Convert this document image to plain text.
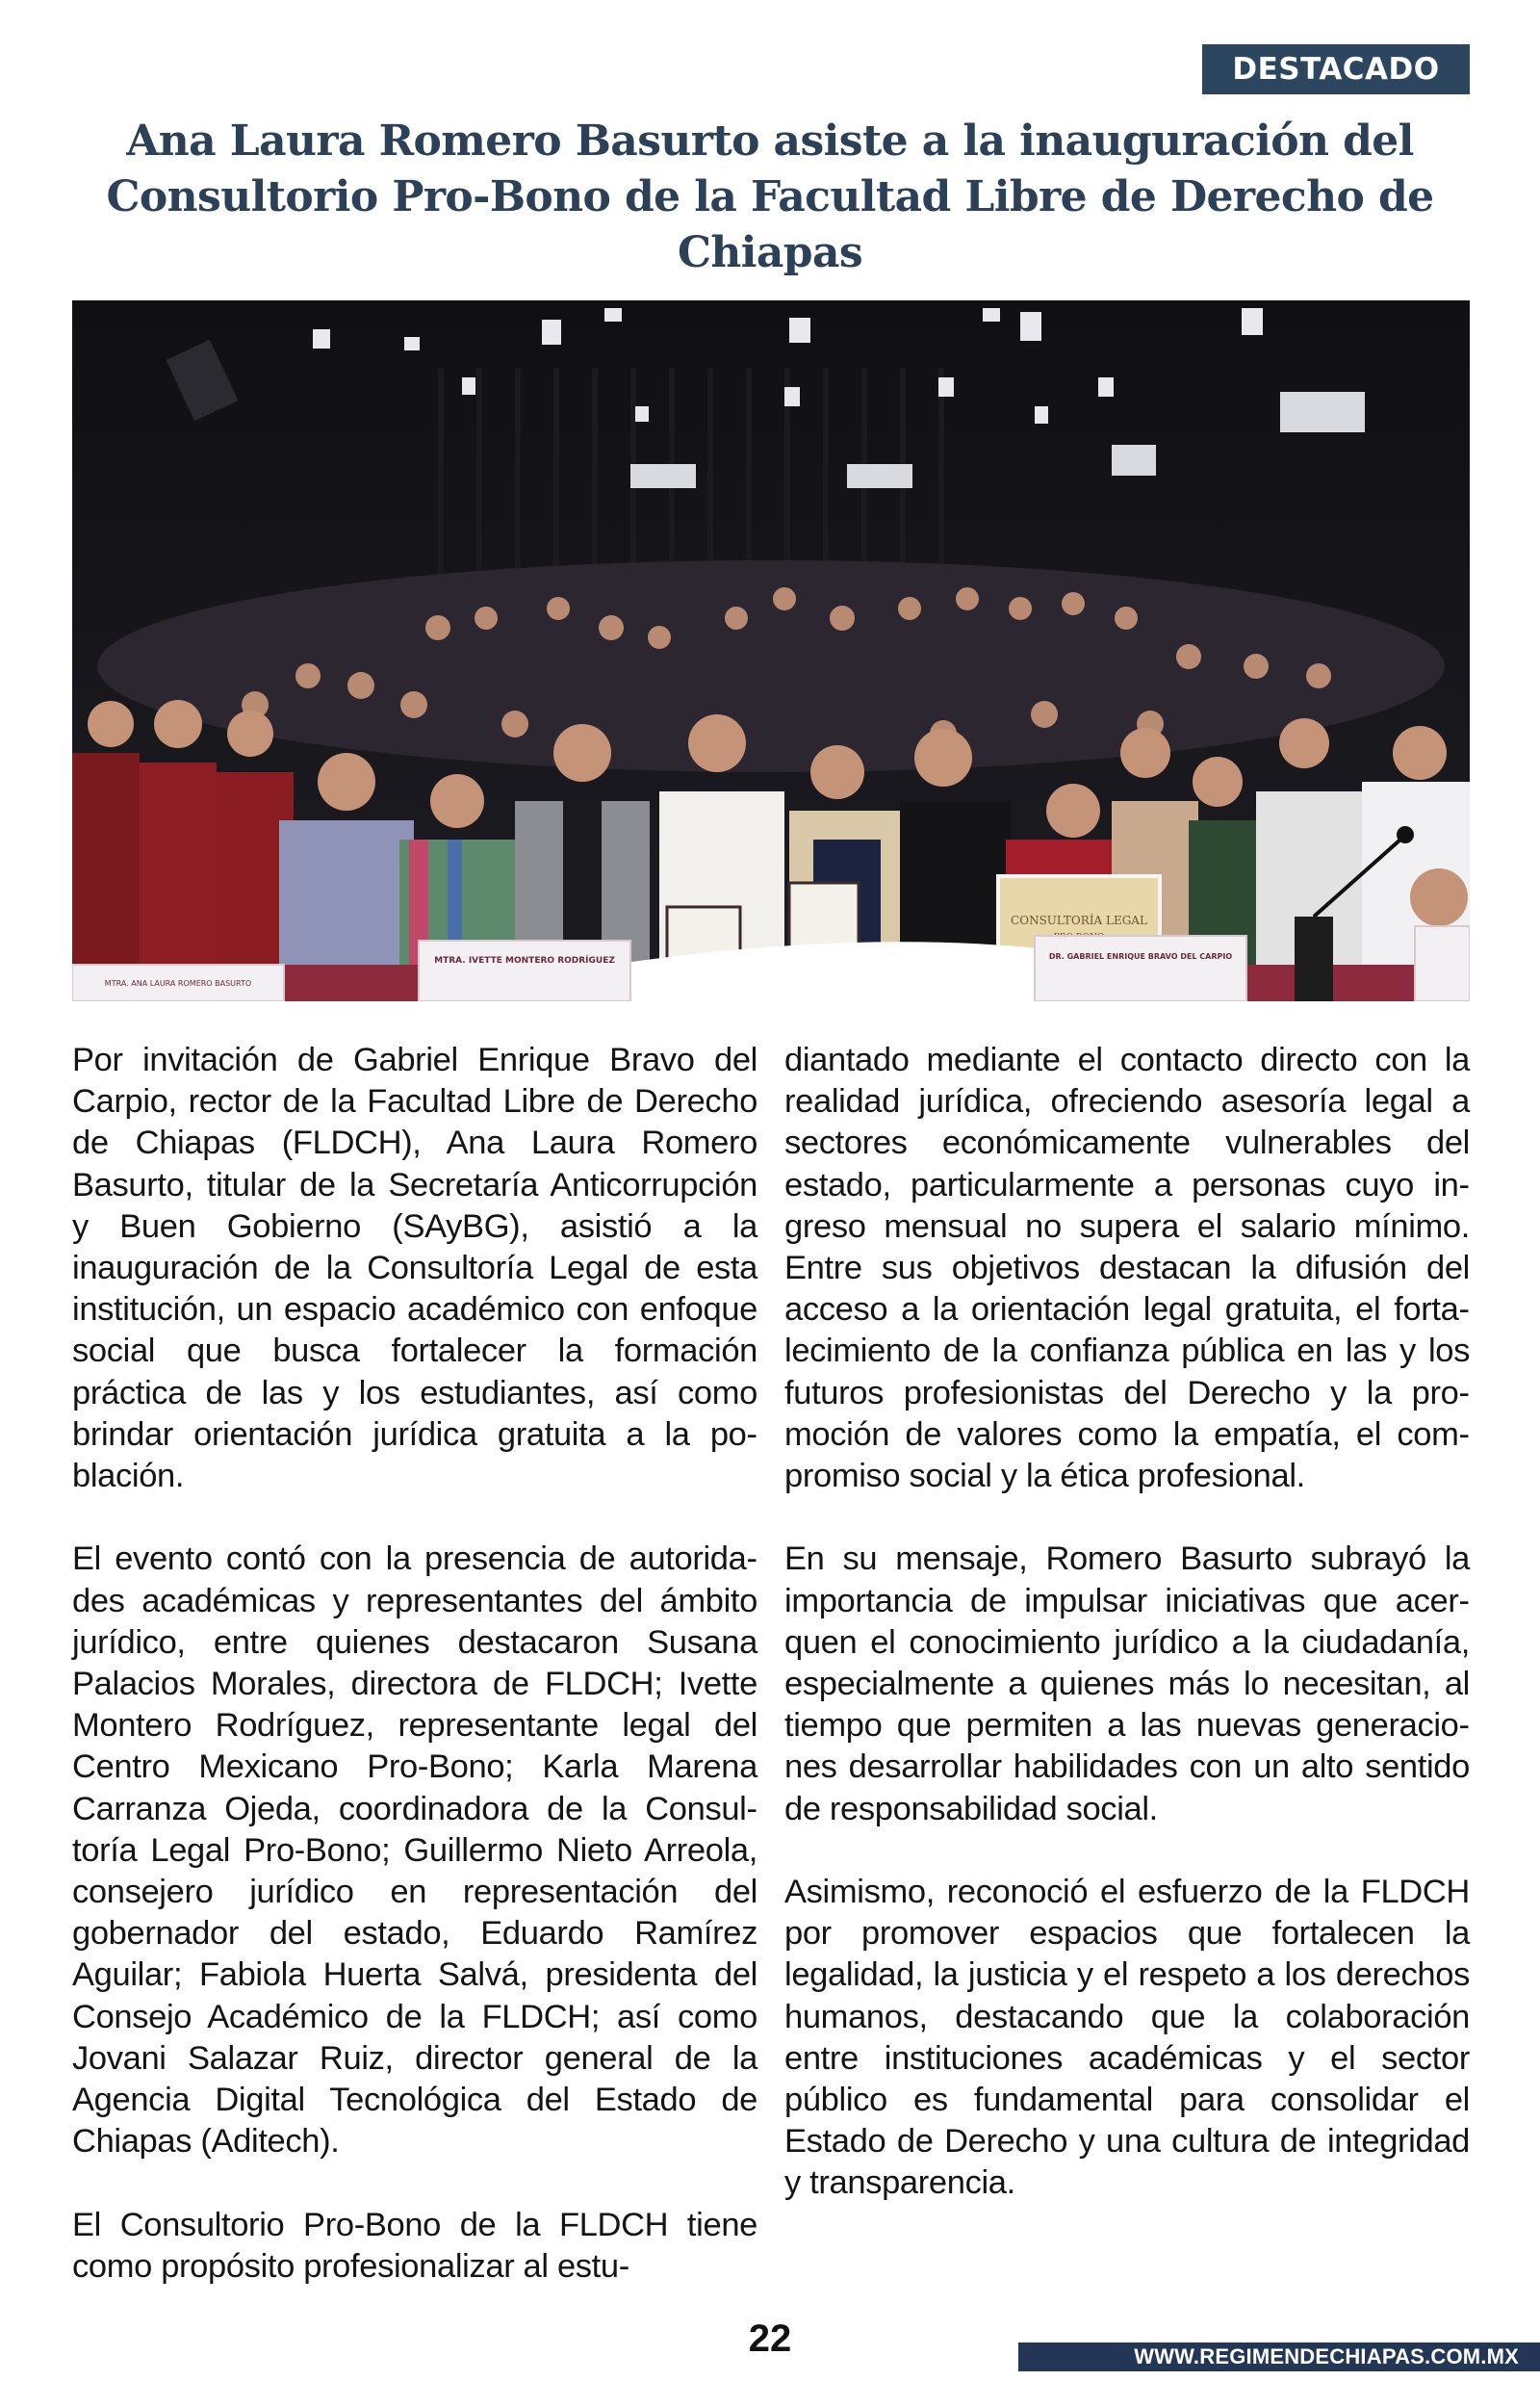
DESTACADO
Ana Laura Romero Basurto asiste a la inauguración del Consultorio Pro-Bono de la Facultad Libre de Derecho de Chiapas
CONSULTORÍA LEGAL
MTRA. ANA LAURA ROMERO BASURTO
MTRA. IVETTE MONTERO RODRÍGUEZ	DR. GABRIEL ENRIQUE BRAVO DEL CARPIO

Por invitación de Gabriel Enrique Bravo del Carpio, rector de la Facultad Libre de Derecho de Chiapas (FLDCH), Ana Laura Romero Basurto, titular de la Secretaría Anticorrupción y Buen Gobierno (SAyBG), asistió a la inauguración de la Consultoría Legal de esta institución, un espacio académico con enfoque social que busca fortalecer la formación práctica de las y los estudiantes, así como brindar orientación jurídica gratuita a la población.

El evento contó con la presencia de autoridades académicas y representantes del ámbito jurídico, entre quienes destacaron Susana Palacios Morales, directora de FLDCH; Ivette Montero Rodríguez, representante legal del Centro Mexicano Pro-Bono; Karla Marena Carranza Ojeda, coordinadora de la Consultoría Legal Pro-Bono; Guillermo Nieto Arreola, consejero jurídico en representación del gobernador del estado, Eduardo Ramírez Aguilar; Fabiola Huerta Salvá, presidenta del Consejo Académico de la FLDCH; así como Jovani Salazar Ruiz, director general de la Agencia Digital Tecnológica del Estado de Chiapas (Aditech).

El Consultorio Pro-Bono de la FLDCH tiene como propósito profesionalizar al estu-

diantado mediante el contacto directo con la realidad jurídica, ofreciendo asesoría legal a sectores económicamente vulnerables del estado, particularmente a personas cuyo ingreso mensual no supera el salario mínimo. Entre sus objetivos destacan la difusión del acceso a la orientación legal gratuita, el fortalecimiento de la confianza pública en las y los futuros profesionistas del Derecho y la promoción de valores como la empatía, el compromiso social y la ética profesional.

En su mensaje, Romero Basurto subrayó la importancia de impulsar iniciativas que acerquen el conocimiento jurídico a la ciudadanía, especialmente a quienes más lo necesitan, al tiempo que permiten a las nuevas generaciones desarrollar habilidades con un alto sentido de responsabilidad social.

Asimismo, reconoció el esfuerzo de la FLDCH por promover espacios que fortalecen la legalidad, la justicia y el respeto a los derechos humanos, destacando que la colaboración entre instituciones académicas y el sector público es fundamental para consolidar el Estado de Derecho y una cultura de integridad y transparencia.

22	WWW.REGIMENDECHIAPAS.COM.MX
